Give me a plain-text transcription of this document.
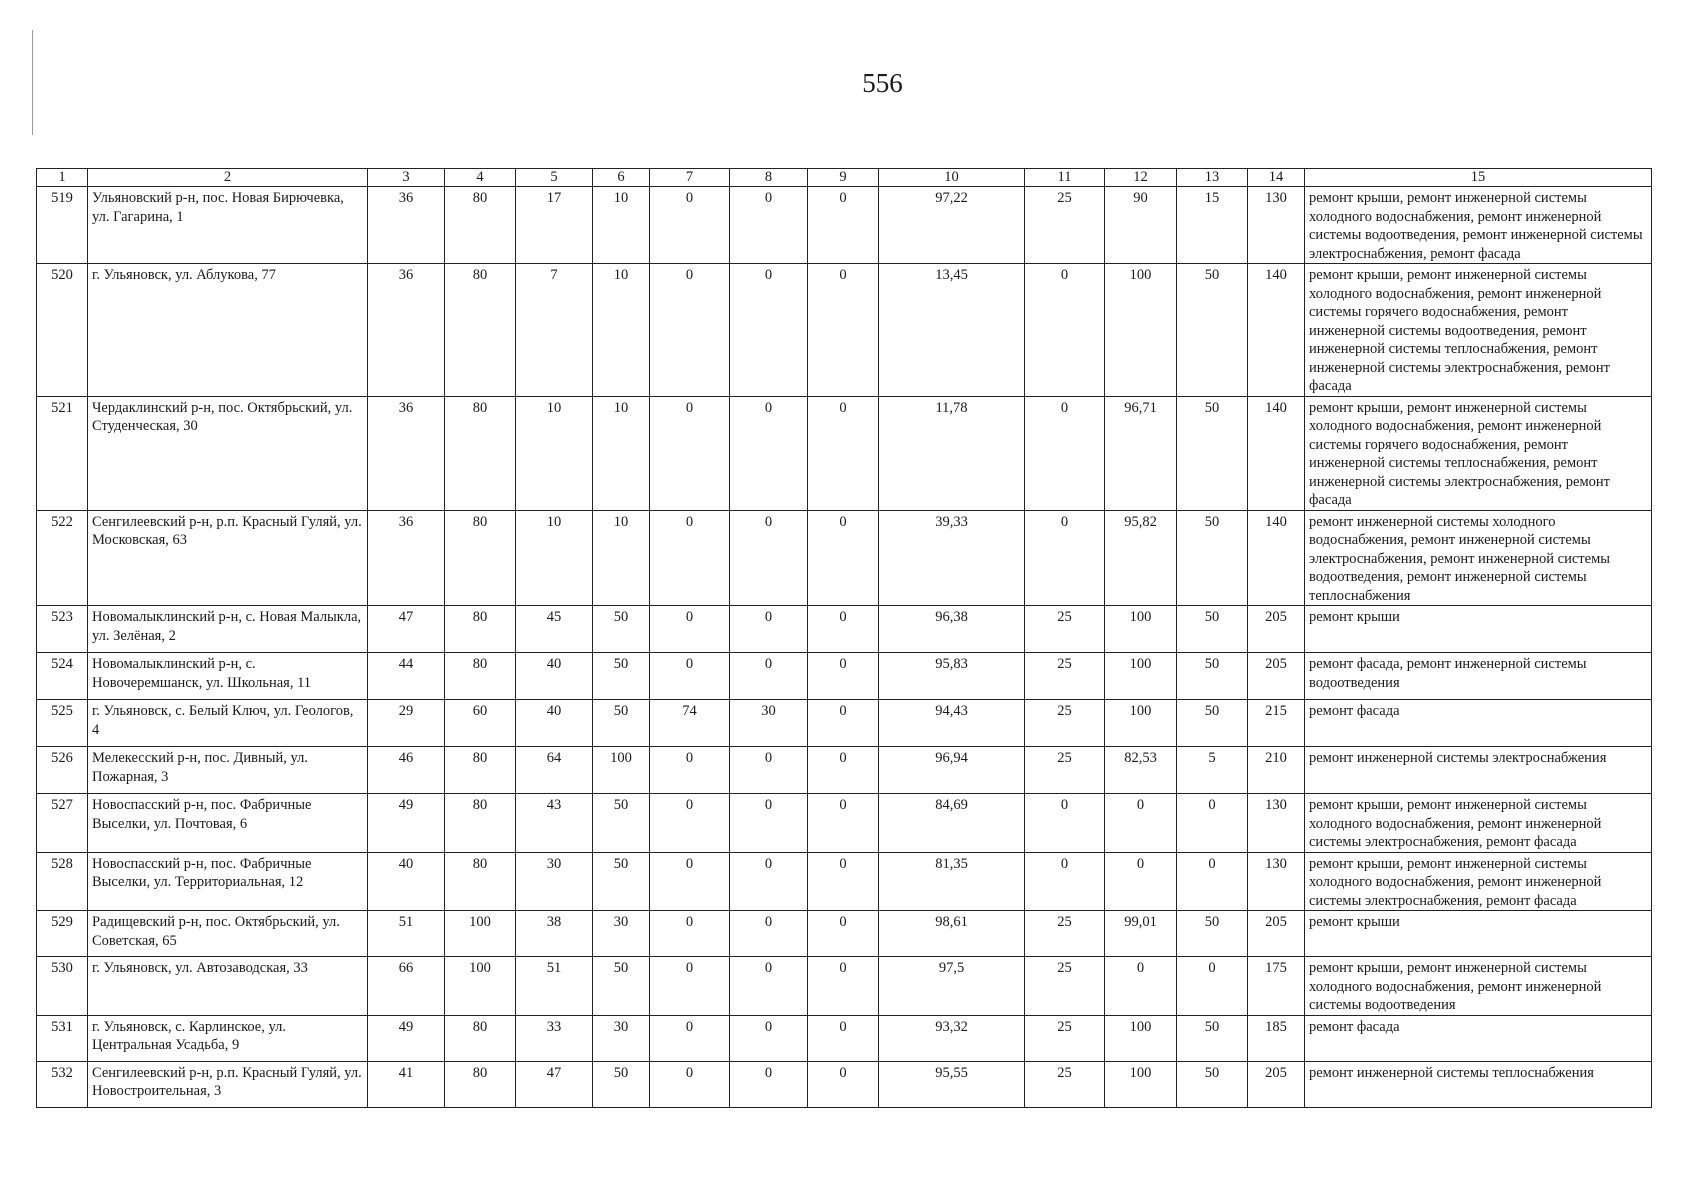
556
1	2	3	4	5	6	7	8	9	10	11	12	13	14	15
519	Ульяновский р-н, пос. Новая Бирючевка, ул. Гагарина, 1	36	80	17	10	0	0	0	97,22	25	90	15	130	ремонт крыши, ремонт инженерной системы холодного водоснабжения, ремонт инженерной системы водоотведения, ремонт инженерной системы электроснабжения, ремонт фасада
520	г. Ульяновск, ул. Аблукова, 77	36	80	7	10	0	0	0	13,45	0	100	50	140	ремонт крыши, ремонт инженерной системы холодного водоснабжения, ремонт инженерной системы горячего водоснабжения, ремонт инженерной системы водоотведения, ремонт инженерной системы теплоснабжения, ремонт инженерной системы электроснабжения, ремонт фасада
521	Чердаклинский р-н, пос. Октябрьский, ул. Студенческая, 30	36	80	10	10	0	0	0	11,78	0	96,71	50	140	ремонт крыши, ремонт инженерной системы холодного водоснабжения, ремонт инженерной системы горячего водоснабжения, ремонт инженерной системы теплоснабжения, ремонт инженерной системы электроснабжения, ремонт фасада
522	Сенгилеевский р-н, р.п. Красный Гуляй, ул. Московская, 63	36	80	10	10	0	0	0	39,33	0	95,82	50	140	ремонт инженерной системы холодного водоснабжения, ремонт инженерной системы электроснабжения, ремонт инженерной системы водоотведения, ремонт инженерной системы теплоснабжения
523	Новомалыклинский р-н, с. Новая Малыкла, ул. Зелёная, 2	47	80	45	50	0	0	0	96,38	25	100	50	205	ремонт крыши
524	Новомалыклинский р-н, с. Новочеремшанск, ул. Школьная, 11	44	80	40	50	0	0	0	95,83	25	100	50	205	ремонт фасада, ремонт инженерной системы водоотведения
525	г. Ульяновск, с. Белый Ключ, ул. Геологов, 4	29	60	40	50	74	30	0	94,43	25	100	50	215	ремонт фасада
526	Мелекесский р-н, пос. Дивный, ул. Пожарная, 3	46	80	64	100	0	0	0	96,94	25	82,53	5	210	ремонт инженерной системы электроснабжения
527	Новоспасский р-н, пос. Фабричные Выселки, ул. Почтовая, 6	49	80	43	50	0	0	0	84,69	0	0	0	130	ремонт крыши, ремонт инженерной системы холодного водоснабжения, ремонт инженерной системы электроснабжения, ремонт фасада
528	Новоспасский р-н, пос. Фабричные Выселки, ул. Территориальная, 12	40	80	30	50	0	0	0	81,35	0	0	0	130	ремонт крыши, ремонт инженерной системы холодного водоснабжения, ремонт инженерной системы электроснабжения, ремонт фасада
529	Радищевский р-н, пос. Октябрьский, ул. Советская, 65	51	100	38	30	0	0	0	98,61	25	99,01	50	205	ремонт крыши
530	г. Ульяновск, ул. Автозаводская, 33	66	100	51	50	0	0	0	97,5	25	0	0	175	ремонт крыши, ремонт инженерной системы холодного водоснабжения, ремонт инженерной системы водоотведения
531	г. Ульяновск, с. Карлинское, ул. Центральная Усадьба, 9	49	80	33	30	0	0	0	93,32	25	100	50	185	ремонт фасада
532	Сенгилеевский р-н, р.п. Красный Гуляй, ул. Новостроительная, 3	41	80	47	50	0	0	0	95,55	25	100	50	205	ремонт инженерной системы теплоснабжения
